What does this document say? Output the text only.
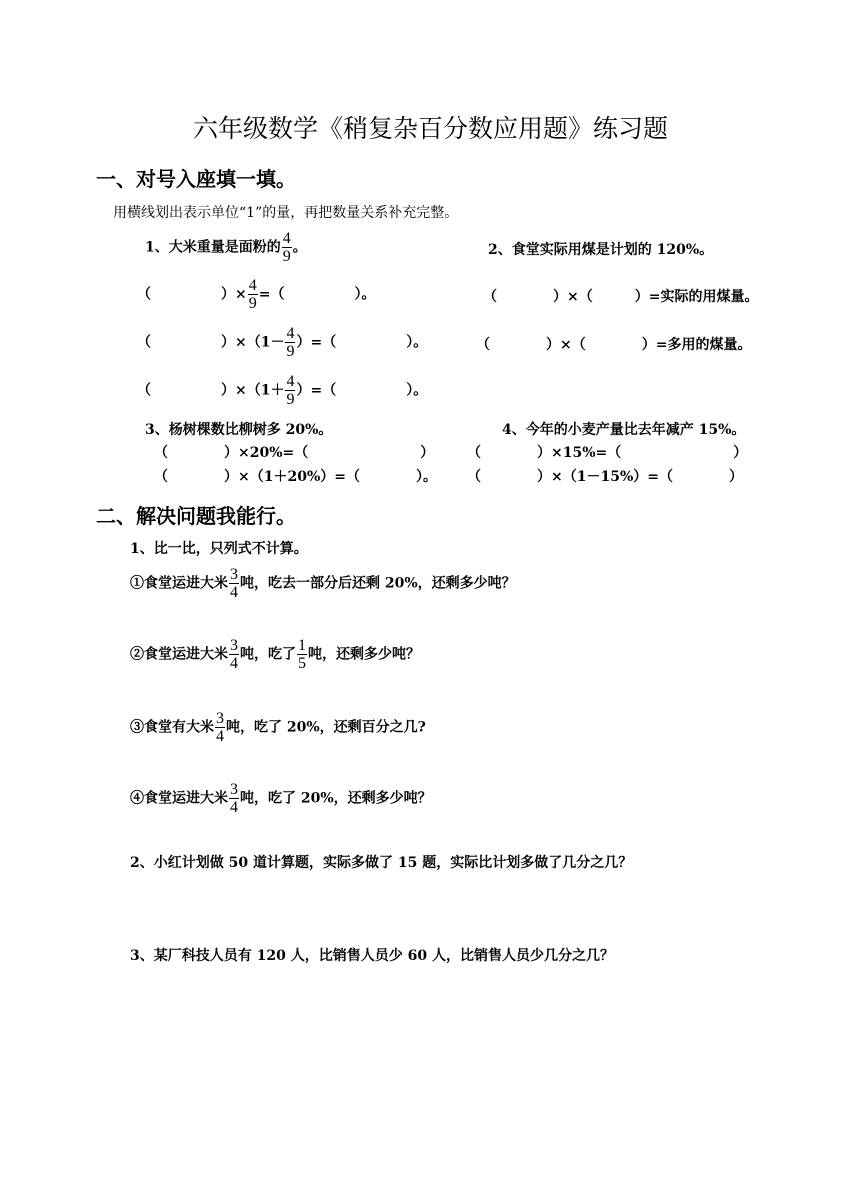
六年级数学《稍复杂百分数应用题》练习题
一、对号入座填一填。
用横线划出表示单位“1”的量，再把数量关系补充完整。
1、大米重量是面粉的 $\frac{4}{9}$ 。
（　　　　　）× $\frac{4}{9}$ =（　　　　　）。
（　　　　　）$\times(1- \frac{4}{9}$ ）=（　　　　　）。
（　　　　　）$\times(1+ \frac{4}{9}$ ）=（　　　　　）。
2、食堂实际用煤是计划的 120%。
（　　　　）×（　　　）=实际的用煤量。
（　　　　）×（　　　　）=多用的煤量。
3、杨树棵数比柳树多 20%。
（　　　　）×20%=（　　　　　　　　）
（　　　　）×（1＋20%）=（　　　　）。
4、今年的小麦产量比去年减产 15%。
（　　　　）×15%=（　　　　　　　　）
（　　　　）×（1－15%）=（　　　　）
二、解决问题我能行。
1、比一比，只列式不计算。
①食堂运进大米 $\frac{3}{4}$ 吨，吃去一部分后还剩 20%，还剩多少吨？
②食堂运进大米 $\frac{3}{4}$ 吨，吃了 $\frac{1}{5}$ 吨，还剩多少吨？
③食堂有大米 $\frac{3}{4}$ 吨，吃了 20%，还剩百分之几?
④食堂运进大米 $\frac{3}{4}$ 吨，吃了 20%，还剩多少吨？
2、小红计划做 50 道计算题，实际多做了 15 题，实际比计划多做了几分之几？
3、某厂科技人员有 120 人，比销售人员少 60 人，比销售人员少几分之几？
